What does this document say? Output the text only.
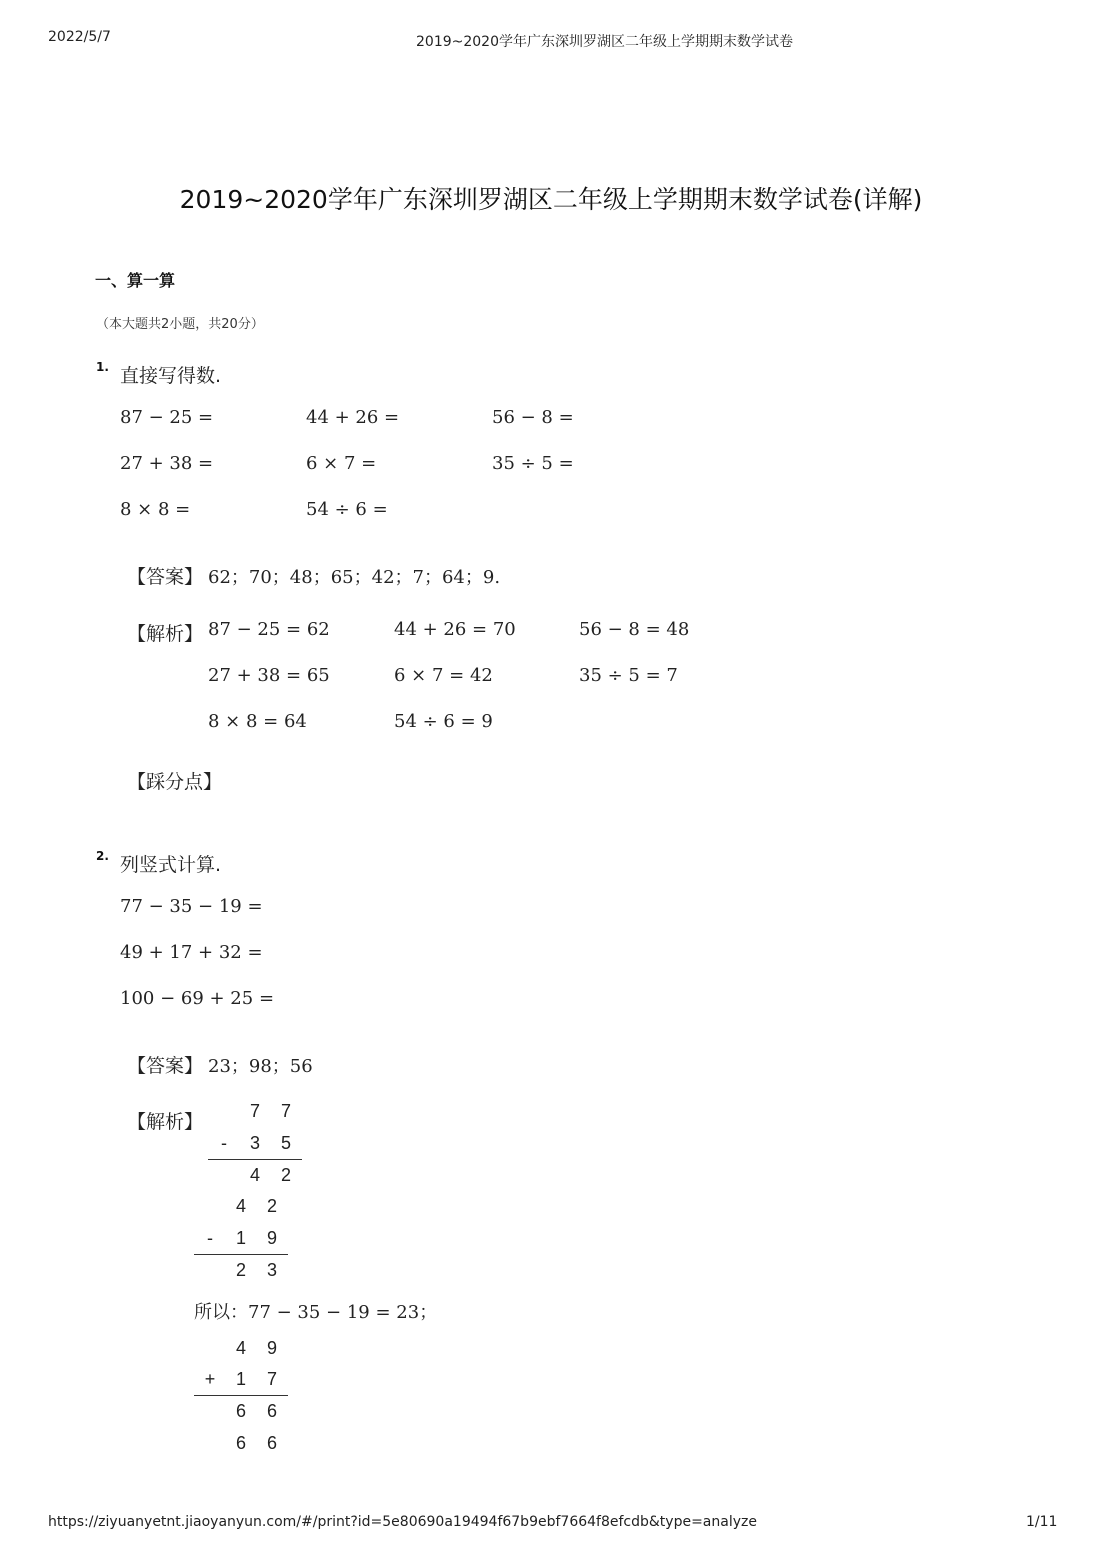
2022/5/7	2019~2020学年广东深圳罗湖区二年级上学期期末数学试卷
2019~2020学年广东深圳罗湖区二年级上学期期末数学试卷(详解)
一、算一算
（本大题共2小题，共20分）
1. 直接写得数.
87 − 25 =	44 + 26 =	56 − 8 =
27 + 38 =	6 × 7 =	35 ÷ 5 =
8 × 8 =	54 ÷ 6 =
【答案】 62；70；48；65；42；7；64；9.
【解析】 87 − 25 = 62	44 + 26 = 70	56 − 8 = 48
27 + 38 = 65	6 × 7 = 42	35 ÷ 5 = 7
8 × 8 = 64	54 ÷ 6 = 9
【踩分点】
2. 列竖式计算.
77 − 35 − 19 =
49 + 17 + 32 =
100 − 69 + 25 =
【答案】 23；98；56
【解析】	7 7
-	3 5
4 2
4 2
-	1 9
2 3
所以：77 − 35 − 19 = 23；
4 9
+ 1 7
6 6
6 6
https://ziyuanyetnt.jiaoyanyun.com/#/print?id=5e80690a19494f67b9ebf7664f8efcdb&type=analyze	1/11
